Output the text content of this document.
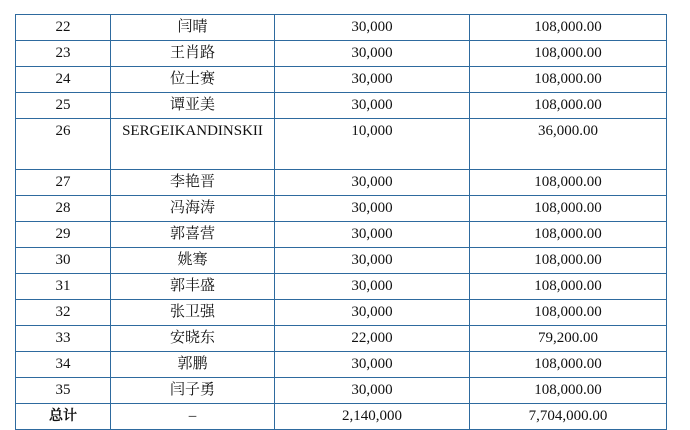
22	闫晴	30,000	108,000.00
23	王肖路	30,000	108,000.00
24	位士赛	30,000	108,000.00
25	谭亚美	30,000	108,000.00
26	SERGEIKANDINSKII	10,000	36,000.00
27	李艳晋	30,000	108,000.00
28	冯海涛	30,000	108,000.00
29	郭喜营	30,000	108,000.00
30	姚骞	30,000	108,000.00
31	郭丰盛	30,000	108,000.00
32	张卫强	30,000	108,000.00
33	安晓东	22,000	79,200.00
34	郭鹏	30,000	108,000.00
35	闫子勇	30,000	108,000.00
总计	–	2,140,000	7,704,000.00
